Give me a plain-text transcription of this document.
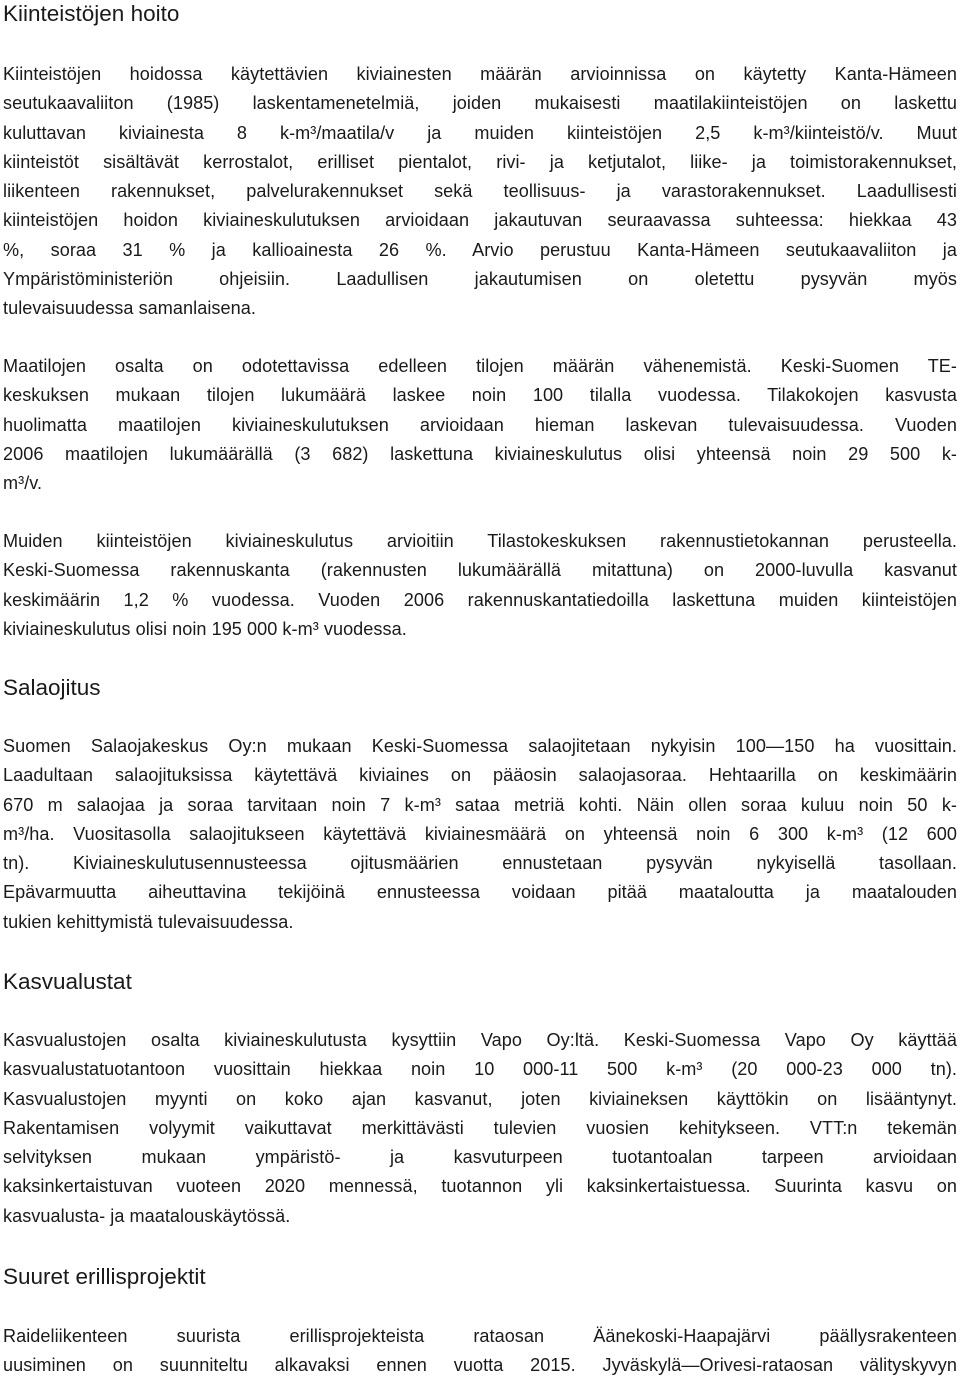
Kiinteistöjen hoito
Kiinteistöjen hoidossa käytettävien kiviainesten määrän arvioinnissa on käytetty Kanta-Hämeen
seutukaavaliiton (1985) laskentamenetelmiä, joiden mukaisesti maatilakiinteistöjen on laskettu
kuluttavan kiviainesta 8 k-m³/maatila/v ja muiden kiinteistöjen 2,5 k-m³/kiinteistö/v. Muut
kiinteistöt sisältävät kerrostalot, erilliset pientalot, rivi- ja ketjutalot, liike- ja toimistorakennukset,
liikenteen rakennukset, palvelurakennukset sekä teollisuus- ja varastorakennukset. Laadullisesti
kiinteistöjen hoidon kiviaineskulutuksen arvioidaan jakautuvan seuraavassa suhteessa: hiekkaa 43
%, soraa 31 % ja kallioainesta 26 %. Arvio perustuu Kanta-Hämeen seutukaavaliiton ja
Ympäristöministeriön ohjeisiin. Laadullisen jakautumisen on oletettu pysyvän myös
tulevaisuudessa samanlaisena.
Maatilojen osalta on odotettavissa edelleen tilojen määrän vähenemistä. Keski-Suomen TE-
keskuksen mukaan tilojen lukumäärä laskee noin 100 tilalla vuodessa. Tilakokojen kasvusta
huolimatta maatilojen kiviaineskulutuksen arvioidaan hieman laskevan tulevaisuudessa. Vuoden
2006 maatilojen lukumäärällä (3 682) laskettuna kiviaineskulutus olisi yhteensä noin 29 500 k-
m³/v.
Muiden kiinteistöjen kiviaineskulutus arvioitiin Tilastokeskuksen rakennustietokannan perusteella.
Keski-Suomessa rakennuskanta (rakennusten lukumäärällä mitattuna) on 2000-luvulla kasvanut
keskimäärin 1,2 % vuodessa. Vuoden 2006 rakennuskantatiedoilla laskettuna muiden kiinteistöjen
kiviaineskulutus olisi noin 195 000 k-m³ vuodessa.
Salaojitus
Suomen Salaojakeskus Oy:n mukaan Keski-Suomessa salaojitetaan nykyisin 100—150 ha vuosittain.
Laadultaan salaojituksissa käytettävä kiviaines on pääosin salaojasoraa. Hehtaarilla on keskimäärin
670 m salaojaa ja soraa tarvitaan noin 7 k-m³ sataa metriä kohti. Näin ollen soraa kuluu noin 50 k-
m³/ha. Vuositasolla salaojitukseen käytettävä kiviainesmäärä on yhteensä noin 6 300 k-m³ (12 600
tn). Kiviaineskulutusennusteessa ojitusmäärien ennustetaan pysyvän nykyisellä tasollaan.
Epävarmuutta aiheuttavina tekijöinä ennusteessa voidaan pitää maataloutta ja maatalouden
tukien kehittymistä tulevaisuudessa.
Kasvualustat
Kasvualustojen osalta kiviaineskulutusta kysyttiin Vapo Oy:ltä. Keski-Suomessa Vapo Oy käyttää
kasvualustatuotantoon vuosittain hiekkaa noin 10 000-11 500 k-m³ (20 000-23 000 tn).
Kasvualustojen myynti on koko ajan kasvanut, joten kiviaineksen käyttökin on lisääntynyt.
Rakentamisen volyymit vaikuttavat merkittävästi tulevien vuosien kehitykseen. VTT:n tekemän
selvityksen mukaan ympäristö- ja kasvuturpeen tuotantoalan tarpeen arvioidaan
kaksinkertaistuvan vuoteen 2020 mennessä, tuotannon yli kaksinkertaistuessa. Suurinta kasvu on
kasvualusta- ja maatalouskäytössä.
Suuret erillisprojektit
Raideliikenteen suurista erillisprojekteista rataosan Äänekoski-Haapajärvi päällysrakenteen
uusiminen on suunniteltu alkavaksi ennen vuotta 2015. Jyväskylä—Orivesi-rataosan välityskyvyn
